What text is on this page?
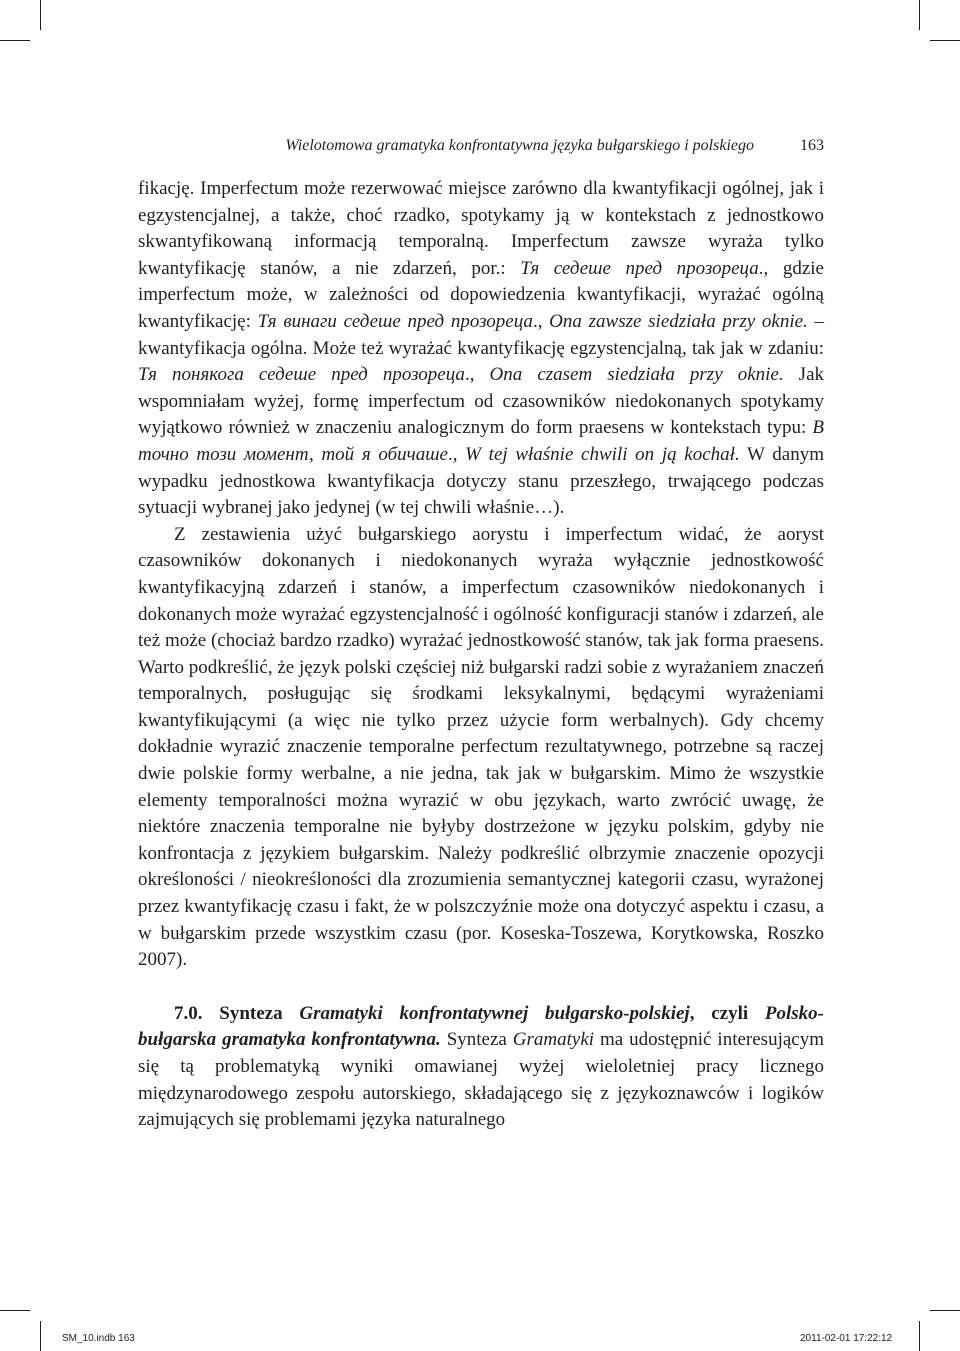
Wielotomowa gramatyka konfrontatywna języka bułgarskiego i polskiego	163

fikację. Imperfectum może rezerwować miejsce zarówno dla kwantyfikacji ogólnej, jak i egzystencjalnej, a także, choć rzadko, spotykamy ją w kontekstach z jednostkowo skwantyfikowaną informacją temporalną. Imperfectum zawsze wyraża tylko kwantyfikację stanów, a nie zdarzeń, por.: Тя седеше пред прозореца., gdzie imperfectum może, w zależności od dopowiedzenia kwantyfikacji, wyrażać ogólną kwantyfikację: Тя винаги седеше пред прозореца., Ona zawsze siedziała przy oknie. – kwantyfikacja ogólna. Może też wyrażać kwantyfikację egzystencjalną, tak jak w zdaniu: Тя понякога седеше пред прозореца., Ona czasem siedziała przy oknie. Jak wspomniałam wyżej, formę imperfectum od czasowników niedokonanych spotykamy wyjątkowo również w znaczeniu analogicznym do form praesens w kontekstach typu: В точно този момент, той я обичаше., W tej właśnie chwili on ją kochał. W danym wypadku jednostkowa kwantyfikacja dotyczy stanu przeszłego, trwającego podczas sytuacji wybranej jako jedynej (w tej chwili właśnie…).

Z zestawienia użyć bułgarskiego aorystu i imperfectum widać, że aoryst czasowników dokonanych i niedokonanych wyraża wyłącznie jednostkowość kwantyfikacyjną zdarzeń i stanów, a imperfectum czasowników niedokonanych i dokonanych może wyrażać egzystencjalność i ogólność konfiguracji stanów i zdarzeń, ale też może (chociaż bardzo rzadko) wyrażać jednostkowość stanów, tak jak forma praesens. Warto podkreślić, że język polski częściej niż bułgarski radzi sobie z wyrażaniem znaczeń temporalnych, posługując się środkami leksykalnymi, będącymi wyrażeniami kwantyfikującymi (a więc nie tylko przez użycie form werbalnych). Gdy chcemy dokładnie wyrazić znaczenie temporalne perfectum rezultatywnego, potrzebne są raczej dwie polskie formy werbalne, a nie jedna, tak jak w bułgarskim. Mimo że wszystkie elementy temporalności można wyrazić w obu językach, warto zwrócić uwagę, że niektóre znaczenia temporalne nie byłyby dostrzeżone w języku polskim, gdyby nie konfrontacja z językiem bułgarskim. Należy podkreślić olbrzymie znaczenie opozycji określoności / nieokreśloności dla zrozumienia semantycznej kategorii czasu, wyrażonej przez kwantyfikację czasu i fakt, że w polszczyźnie może ona dotyczyć aspektu i czasu, a w bułgarskim przede wszystkim czasu (por. Koseska-Toszewa, Korytkowska, Roszko 2007).

7.0. Synteza Gramatyki konfrontatywnej bułgarsko-polskiej, czyli Polsko-bułgarska gramatyka konfrontatywna. Synteza Gramatyki ma udostępnić interesującym się tą problematyką wyniki omawianej wyżej wieloletniej pracy licznego międzynarodowego zespołu autorskiego, składającego się z językoznawców i logików zajmujących się problemami języka naturalnego

SM_10.indb 163	2011-02-01 17:22:12
